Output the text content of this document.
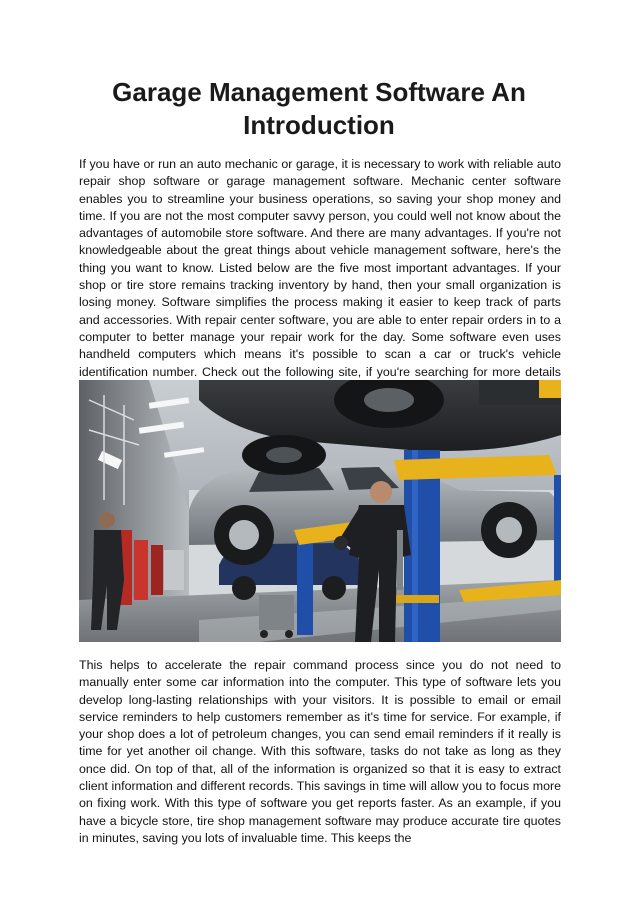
Garage Management Software An Introduction

If you have or run an auto mechanic or garage, it is necessary to work with reliable auto repair shop software or garage management software. Mechanic center software enables you to streamline your business operations, so saving your shop money and time. If you are not the most computer savvy person, you could well not know about the advantages of automobile store software. And there are many advantages. If you're not knowledgeable about the great things about vehicle management software, here's the thing you want to know. Listed below are the five most important advantages. If your shop or tire store remains tracking inventory by hand, then your small organization is losing money. Software simplifies the process making it easier to keep track of parts and accessories. With repair center software, you are able to enter repair orders in to a computer to better manage your repair work for the day. Some software even uses handheld computers which means it's possible to scan a car or truck's vehicle identification number. Check out the following site, if you're searching for more details

This helps to accelerate the repair command process since you do not need to manually enter some car information into the computer. This type of software lets you develop long-lasting relationships with your visitors. It is possible to email or email service reminders to help customers remember as it's time for service. For example, if your shop does a lot of petroleum changes, you can send email reminders if it really is time for yet another oil change. With this software, tasks do not take as long as they once did. On top of that, all of the information is organized so that it is easy to extract client information and different records. This savings in time will allow you to focus more on fixing work. With this type of software you get reports faster. As an example, if you have a bicycle store, tire shop management software may produce accurate tire quotes in minutes, saving you lots of invaluable time. This keeps the
